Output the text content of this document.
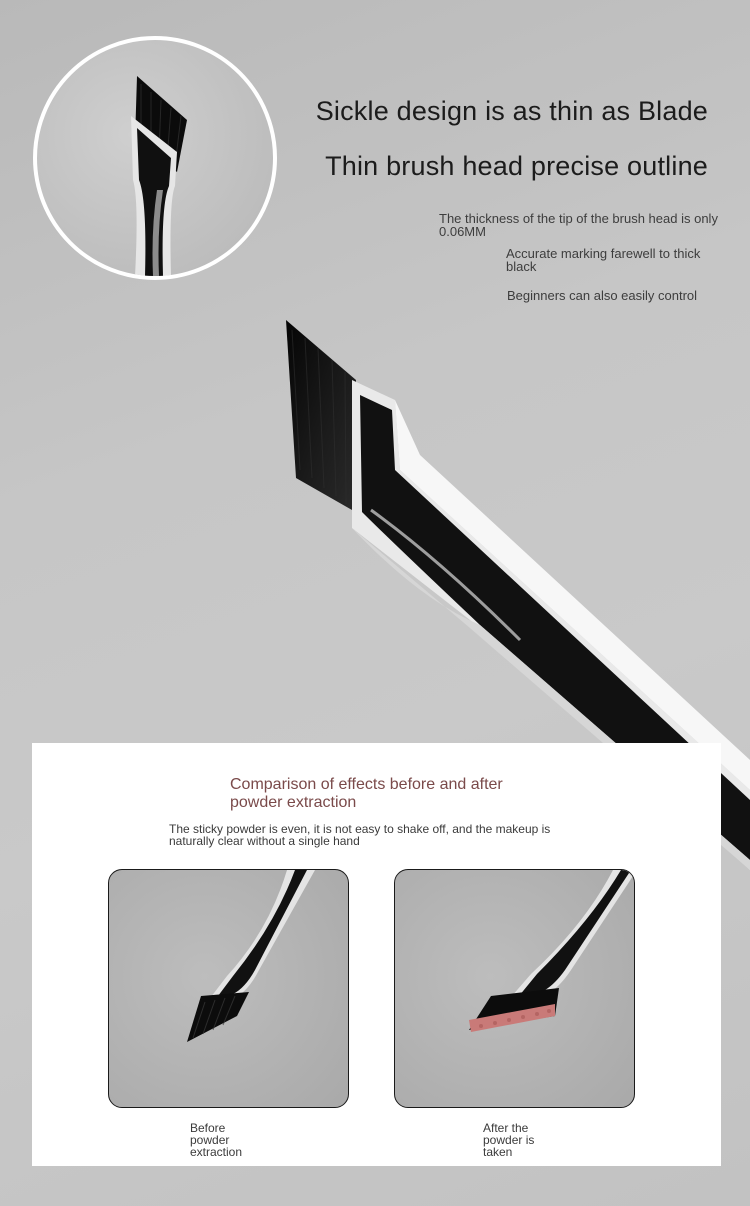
Sickle design is as thin as Blade
Thin brush head precise outline
The thickness of the tip of the brush head is only 0.06MM
Accurate marking farewell to thick black
Beginners can also easily control
Comparison of effects before and after powder extraction
The sticky powder is even, it is not easy to shake off, and the makeup is naturally clear without a single hand
Before powder extraction
After the powder is taken
